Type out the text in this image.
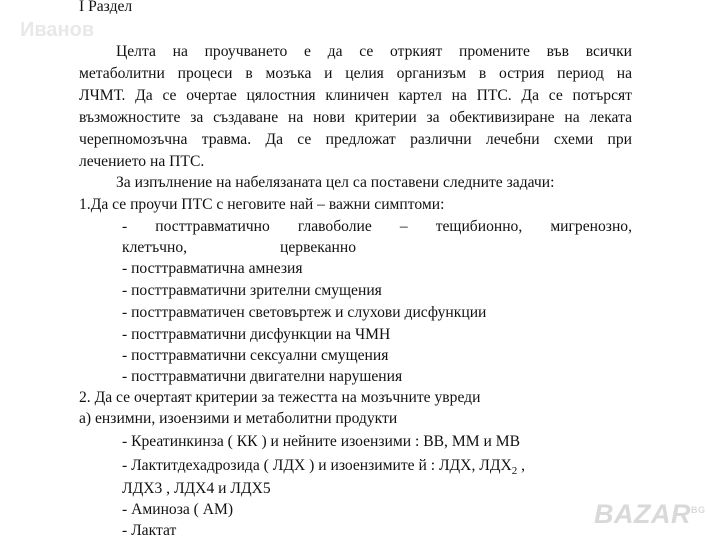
Иванов
I Раздел
Целта на проучването е да се отркият промените във всички
метаболитни процеси в мозъка и целия организъм в острия период на
ЛЧМТ. Да се очертае цялостния клиничен картел на ПТС. Да се потърсят
възможностите за създаване на нови критерии за обективизиране на леката
черепномозъчна травма. Да се предложат различни лечебни схеми при
лечението на ПТС.
За изпълнение на набелязаната цел са поставени следните задачи:
1.Да се проучи ПТС с неговите най – важни симптоми:
- посттравматично главоболие – тещибионно, мигренозно,
клетъчно,	цервеканно
- посттравматична амнезия
- посттравматични зрителни смущения
- посттравматичен световъртеж и слухови дисфункции
- посттравматични дисфункции на ЧМН
- посттравматични сексуални смущения
- посттравматични двигателни нарушения
2. Да се очертаят критерии за тежестта на мозъчните увреди
а) ензимни, изоензими и метаболитни продукти
- Креатинкинза ( КК ) и нейните изоензими : ВВ, ММ и МВ
- Лактитдехадрозида ( ЛДХ ) и изоензимите й : ЛДХ, $ЛДХ_2$ ,
ЛДХ3 , ЛДХ4 и ЛДХ5
- Аминоза ( АМ)
- Лактат
$BAZAR^{BG}$
